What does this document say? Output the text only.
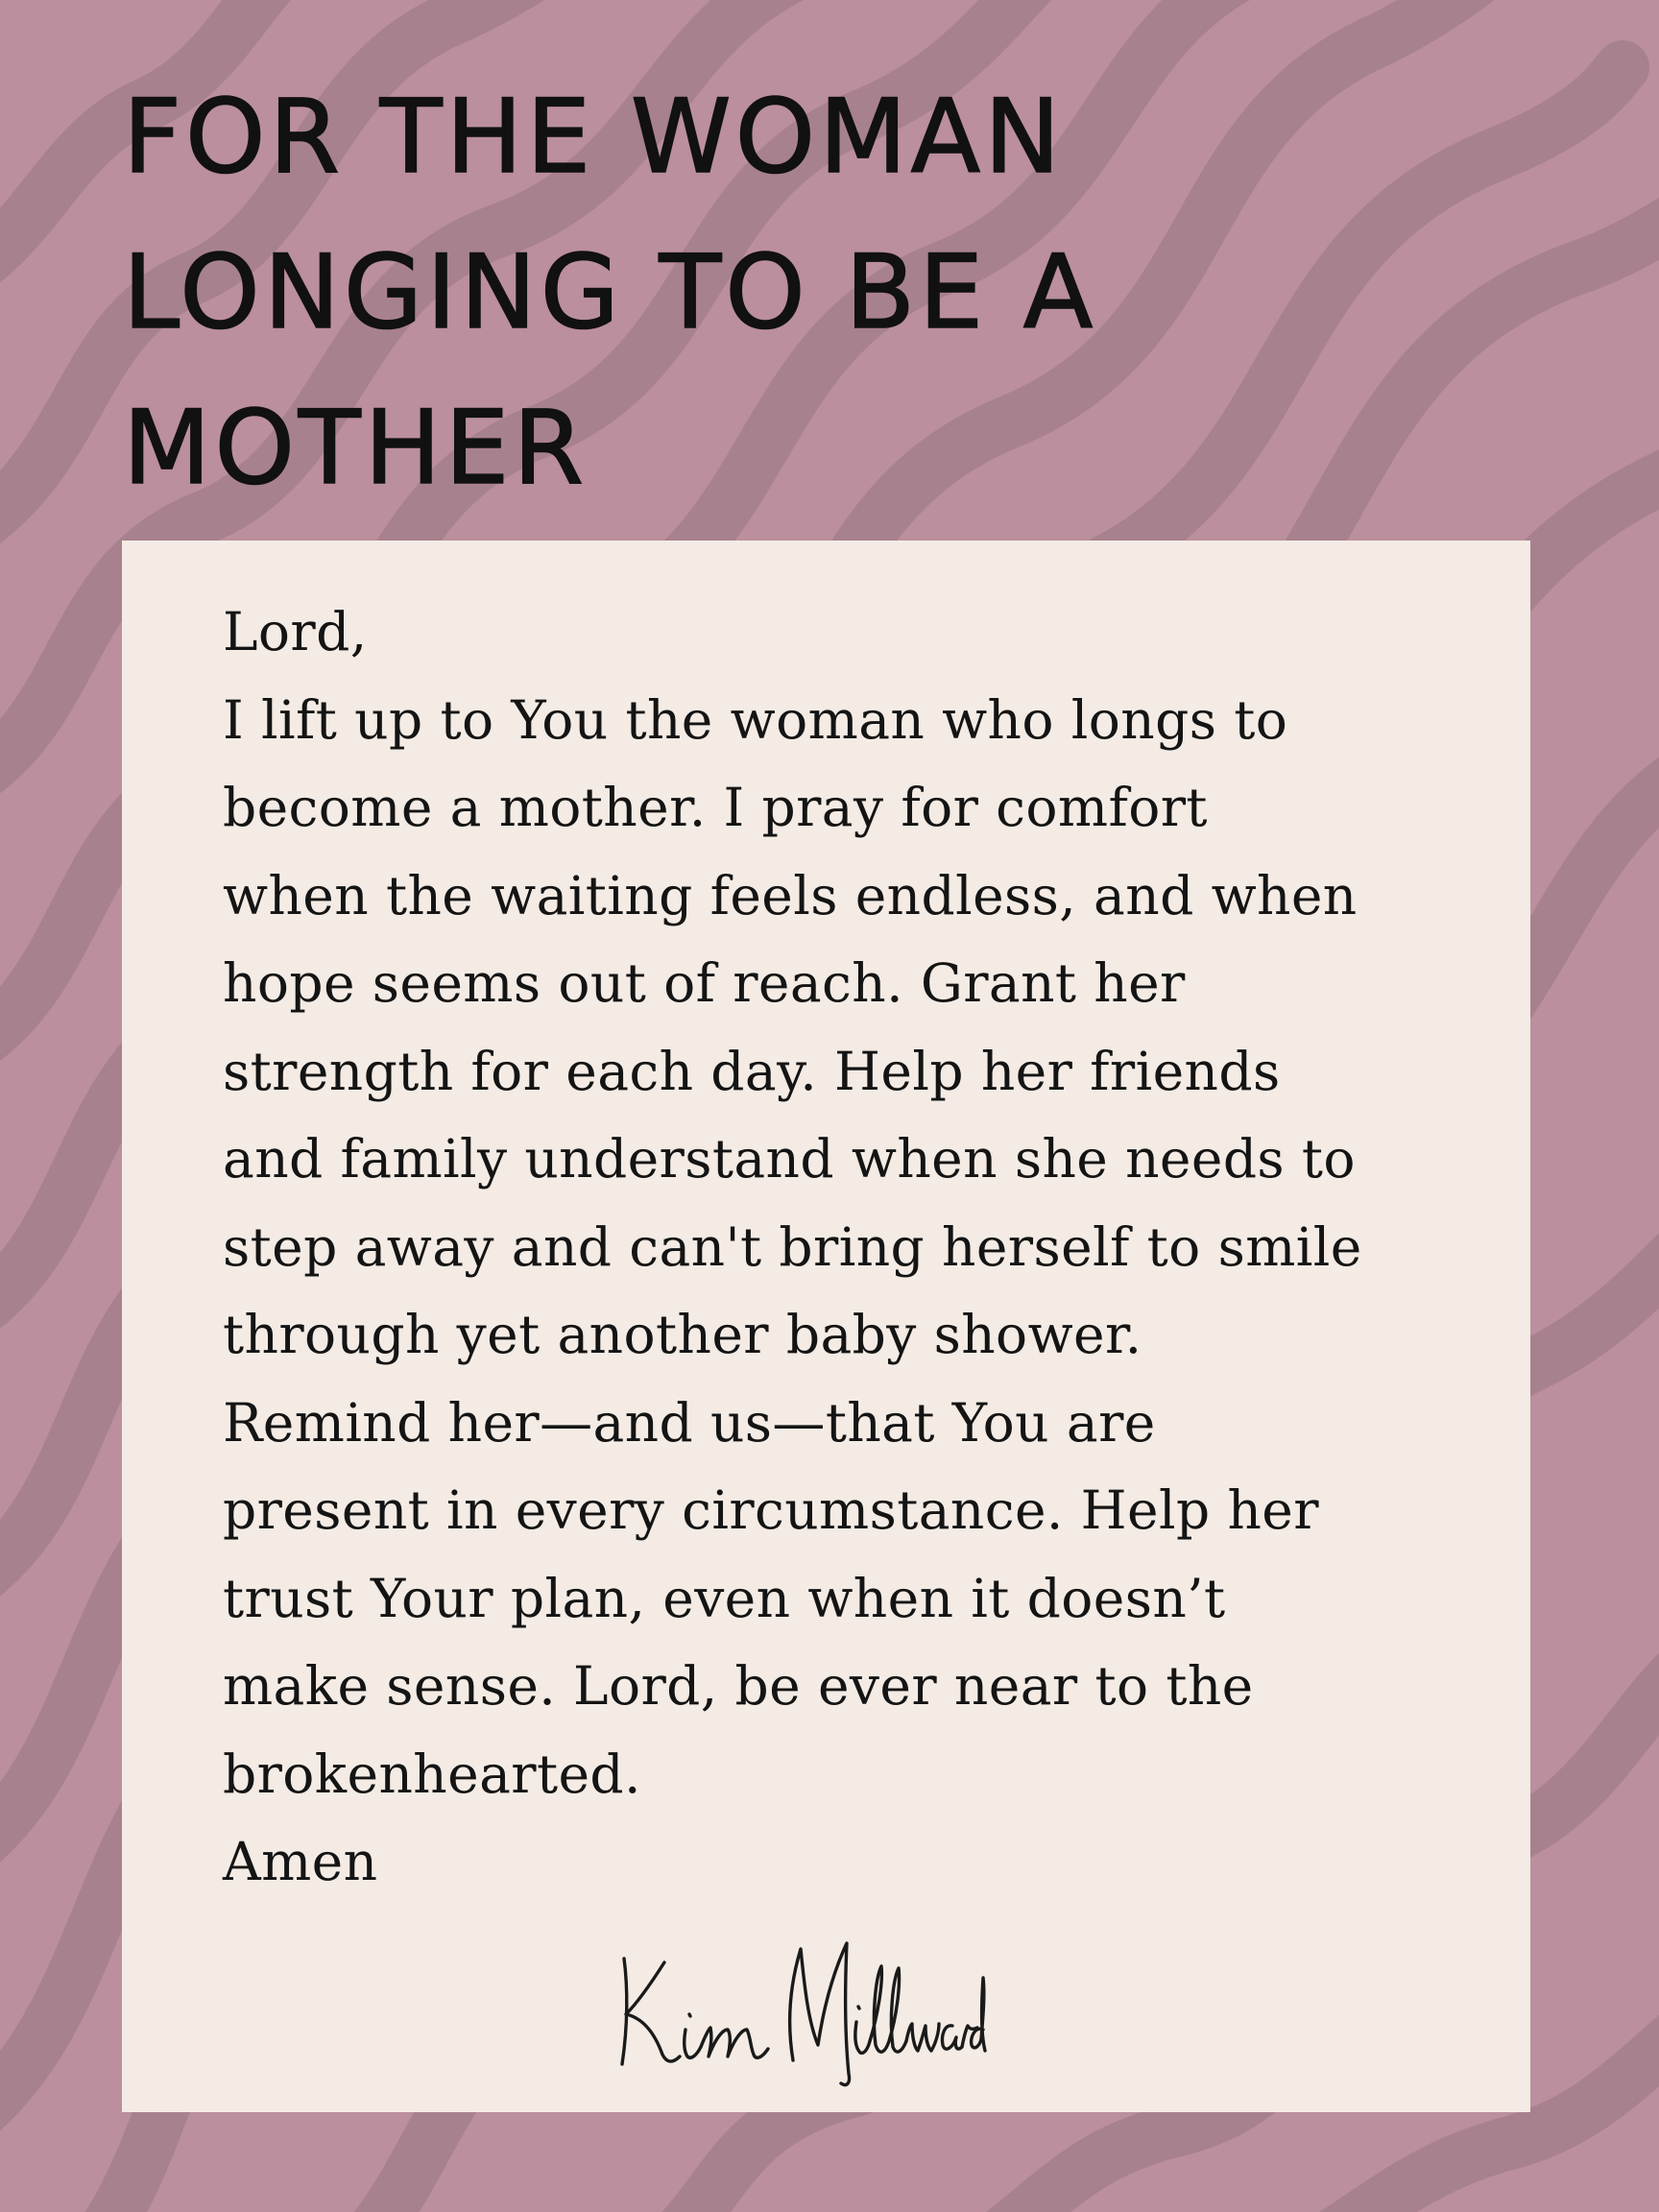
FOR THE WOMAN
LONGING TO BE A
MOTHER

Lord,
I lift up to You the woman who longs to
become a mother. I pray for comfort
when the waiting feels endless, and when
hope seems out of reach. Grant her
strength for each day. Help her friends
and family understand when she needs to
step away and can't bring herself to smile
through yet another baby shower.
Remind her—and us—that You are
present in every circumstance. Help her
trust Your plan, even when it doesn’t
make sense. Lord, be ever near to the
brokenhearted.
Amen
